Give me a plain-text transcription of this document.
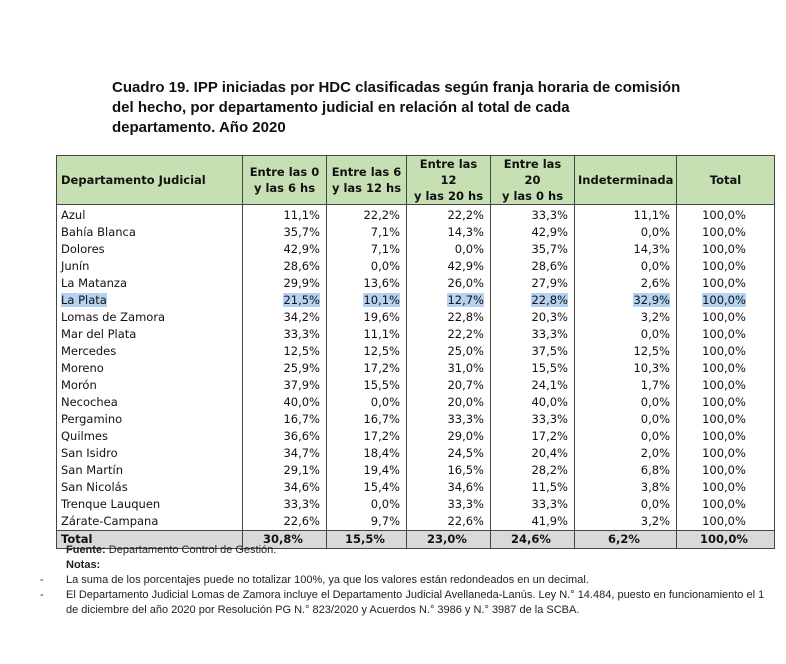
Cuadro 19. IPP iniciadas por HDC clasificadas según franja horaria de comisión
del hecho, por departamento judicial en relación al total de cada
departamento. Año 2020
Departamento Judicial	Entre las 0
y las 6 hs	Entre las 6
y las 12 hs	Entre las 12
y las 20 hs	Entre las 20
y las 0 hs	Indeterminada	Total

Azul	11,1%	22,2%	22,2%	33,3%	11,1%	100,0%
Bahía Blanca	35,7%	7,1%	14,3%	42,9%	0,0%	100,0%
Dolores	42,9%	7,1%	0,0%	35,7%	14,3%	100,0%
Junín	28,6%	0,0%	42,9%	28,6%	0,0%	100,0%
La Matanza	29,9%	13,6%	26,0%	27,9%	2,6%	100,0%
La Plata	21,5%	10,1%	12,7%	22,8%	32,9%	100,0%
Lomas de Zamora	34,2%	19,6%	22,8%	20,3%	3,2%	100,0%
Mar del Plata	33,3%	11,1%	22,2%	33,3%	0,0%	100,0%
Mercedes	12,5%	12,5%	25,0%	37,5%	12,5%	100,0%
Moreno	25,9%	17,2%	31,0%	15,5%	10,3%	100,0%
Morón	37,9%	15,5%	20,7%	24,1%	1,7%	100,0%
Necochea	40,0%	0,0%	20,0%	40,0%	0,0%	100,0%
Pergamino	16,7%	16,7%	33,3%	33,3%	0,0%	100,0%
Quilmes	36,6%	17,2%	29,0%	17,2%	0,0%	100,0%
San Isidro	34,7%	18,4%	24,5%	20,4%	2,0%	100,0%
San Martín	29,1%	19,4%	16,5%	28,2%	6,8%	100,0%
San Nicolás	34,6%	15,4%	34,6%	11,5%	3,8%	100,0%
Trenque Lauquen	33,3%	0,0%	33,3%	33,3%	0,0%	100,0%
Zárate-Campana	22,6%	9,7%	22,6%	41,9%	3,2%	100,0%
Total	30,8%	15,5%	23,0%	24,6%	6,2%	100,0%
Fuente: Departamento Control de Gestión.
Notas:
- La suma de los porcentajes puede no totalizar 100%, ya que los valores están redondeados en un decimal.
- El Departamento Judicial Lomas de Zamora incluye el Departamento Judicial Avellaneda-Lanús. Ley N.° 14.484, puesto en funcionamiento el 1 de diciembre del año 2020 por Resolución PG N.° 823/2020 y Acuerdos N.° 3986 y N.° 3987 de la SCBA.
